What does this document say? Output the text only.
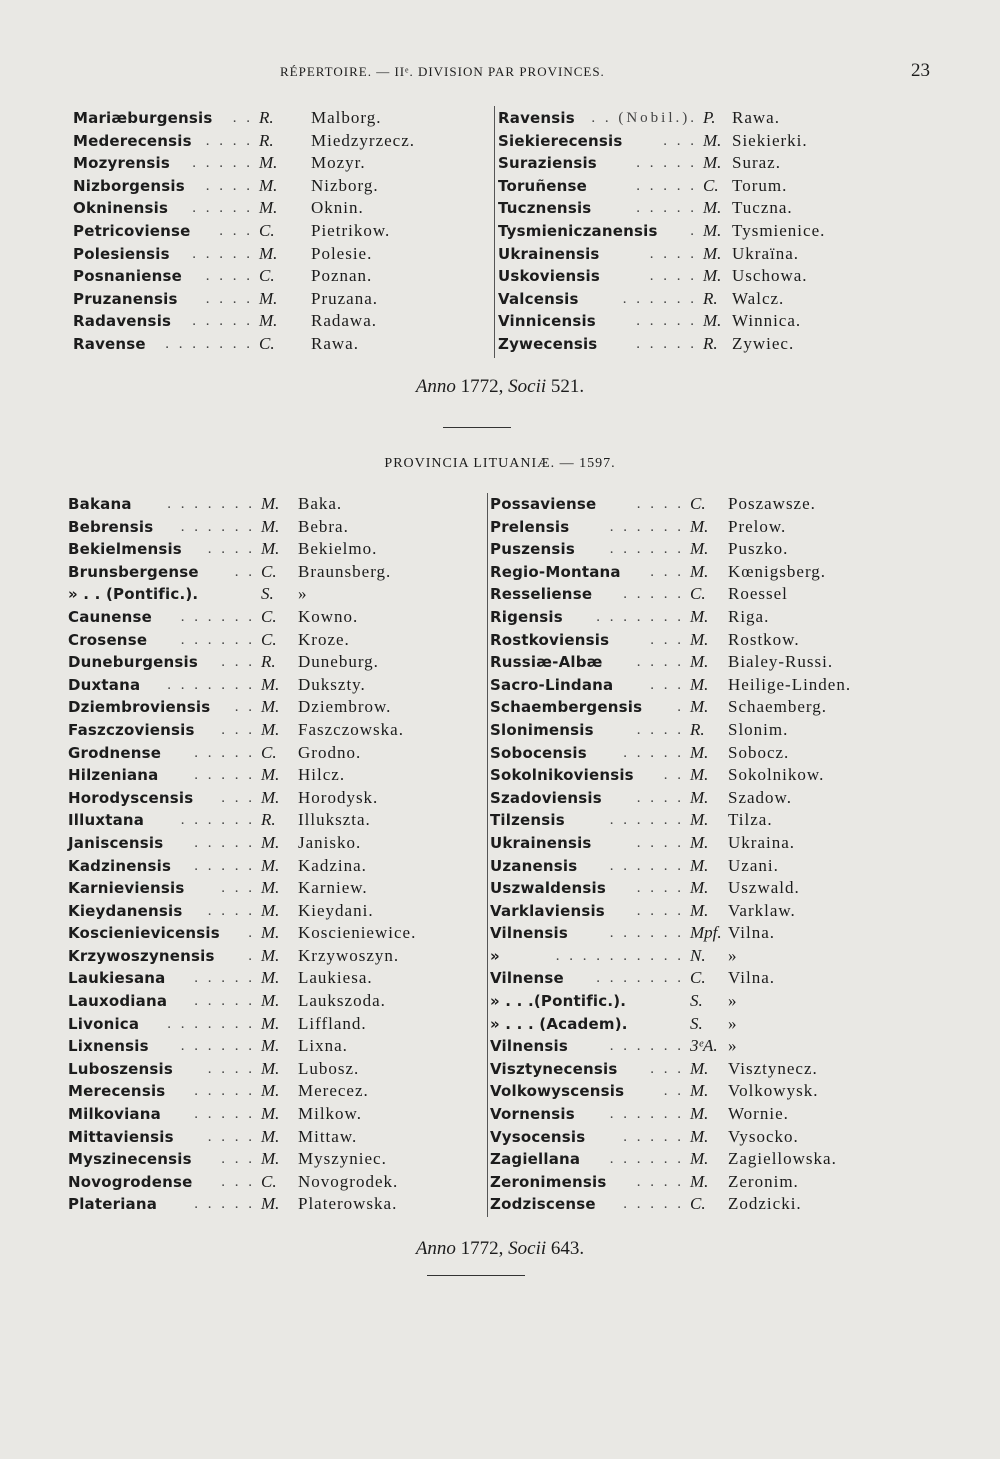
RÉPERTOIRE. — IIᵉ. DIVISION PAR PROVINCES.	23
Mariæburgensis	. . R. Malborg.
Mederecensis . . . . R. Miedzyrzecz.
Mozyrensis	. . . . . M. Mozyr.
Nizborgensis	. . . . M. Nizborg.
Okninensis	. . . . . M. Oknin.
Petricoviense	. . . C. Pietrikow.
Polesiensis	. . . . . M. Polesie.
Posnaniense	. . . . C. Poznan.
Pruzanensis	. . . . M. Pruzana.
Radavensis	. . . . . M. Radawa.
Ravense	. . . . . . . C. Rawa.
Ravensis	. . (Nobil.). P. Rawa.
Siekierecensis	. . . M. Siekierki.
Suraziensis	. . . . . M. Suraz.
Toruñense	. . . . . C. Torum.
Tucznensis	. . . . . M. Tuczna.
Tysmieniczanensis	. M. Tysmienice.
Ukrainensis	. . . . M. Ukraïna.
Uskoviensis	. . . . M. Uschowa.
Valcensis	. . . . . . R. Walcz.
Vinnicensis	. . . . . M. Winnica.
Zywecensis	. . . . . R. Zywiec.
Anno 1772, Socii 521.
PROVINCIA LITUANIÆ. — 1597.
Bakana	. . . . . . . M. Baka.
Bebrensis	. . . . . . M. Bebra.
Bekielmensis	. . . . M. Bekielmo.
Brunsbergense	. . C. Braunsberg.
» . . (Pontific.).	S. »
Caunense	. . . . . . C. Kowno.
Crosense	. . . . . . C. Kroze.
Duneburgensis	. . . R. Duneburg.
Duxtana	. . . . . . . M. Dukszty.
Dziembroviensis	. . M. Dziembrow.
Faszczoviensis	. . . M. Faszczowska.
Grodnense	. . . . . C. Grodno.
Hilzeniana	. . . . . M. Hilcz.
Horodyscensis	. . . M. Horodysk.
Illuxtana	. . . . . . R. Illukszta.
Janiscensis	. . . . . M. Janisko.
Kadzinensis	. . . . . M. Kadzina.
Karnieviensis	. . . M. Karniew.
Kieydanensis	. . . . M. Kieydani.
Koscienievicensis	. M. Koscieniewice.
Krzywoszynensis	. M. Krzywoszyn.
Laukiesana	. . . . . M. Laukiesa.
Lauxodiana	. . . . . M. Laukszoda.
Livonica	. . . . . . . M. Liffland.
Lixnensis	. . . . . . M. Lixna.
Luboszensis	. . . . M. Lubosz.
Merecensis	. . . . . M. Merecez.
Milkoviana	. . . . . M. Milkow.
Mittaviensis	. . . . M. Mittaw.
Myszinecensis	. . . M. Myszyniec.
Novogrodense	. . . C. Novogrodek.
Plateriana	. . . . . M. Platerowska.
Possaviense	. . . . C. Poszawsze.
Prelensis	. . . . . . M. Prelow.
Puszensis	. . . . . . M. Puszko.
Regio-Montana	. . . M. Kœnigsberg.
Resseliense	. . . . . C. Roessel
Rigensis	. . . . . . . M. Riga.
Rostkoviensis	. . . M. Rostkow.
Russiæ-Albæ	. . . . M. Bialey-Russi.
Sacro-Lindana	. . . M. Heilige-Linden.
Schaembergensis	. M. Schaemberg.
Slonimensis	. . . . R. Slonim.
Sobocensis	. . . . . M. Sobocz.
Sokolnikoviensis	. . M. Sokolnikow.
Szadoviensis	. . . . M. Szadow.
Tilzensis	. . . . . . M. Tilza.
Ukrainensis	. . . . M. Ukraina.
Uzanensis	. . . . . . M. Uzani.
Uszwaldensis	. . . . M. Uszwald.
Varklaviensis	. . . . M. Varklaw.
Vilnensis	. . . . . . Mpf. Vilna.
»	. . . . . . . . . . N. »
Vilnense	. . . . . . . C. Vilna.
» . . .(Pontific.).	S. »
» . . . (Academ).	S. »
Vilnensis	. . . . . . 3ᵉA. »
Visztynecensis	. . . M. Visztynecz.
Volkowyscensis	. . M. Volkowysk.
Vornensis	. . . . . . M. Wornie.
Vysocensis	. . . . . M. Vysocko.
Zagiellana	. . . . . . M. Zagiellowska.
Zeronimensis	. . . . M. Zeronim.
Zodziscense	. . . . . C. Zodzicki.
Anno 1772, Socii 643.
